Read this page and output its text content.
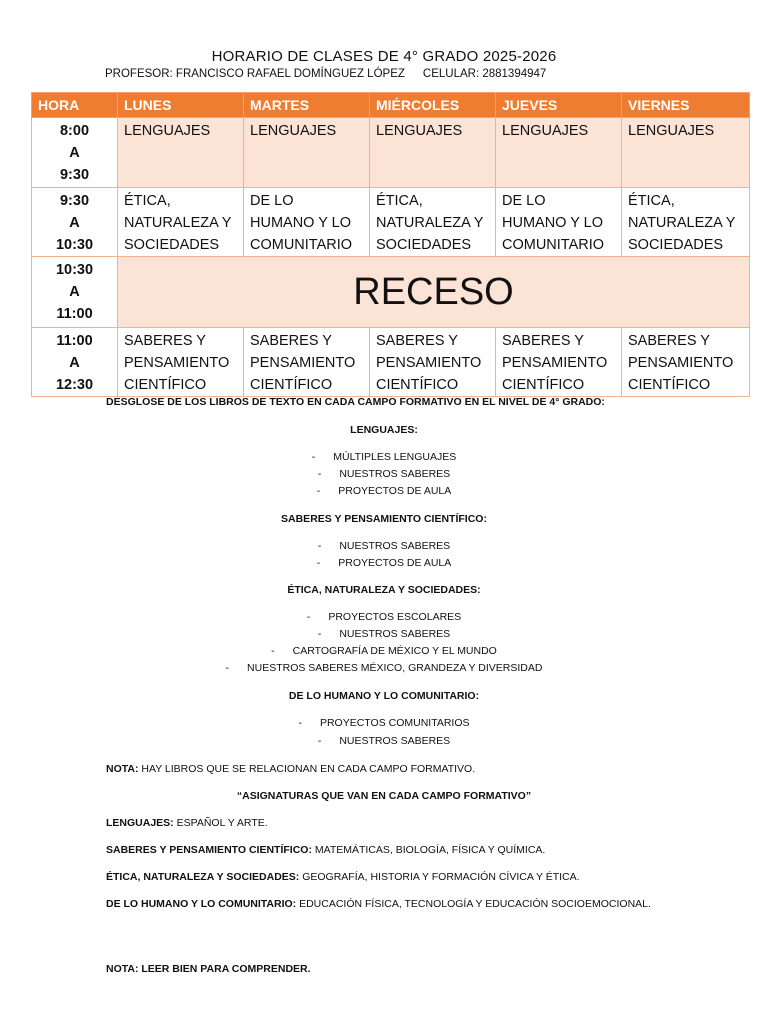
HORARIO DE CLASES DE 4° GRADO 2025-2026
PROFESOR: FRANCISCO RAFAEL DOMÍNGUEZ LÓPEZ CELULAR: 2881394947
HORA	LUNES	MARTES	MIÉRCOLES	JUEVES	VIERNES

8:00
A
9:30	LENGUAJES	LENGUAJES	LENGUAJES	LENGUAJES	LENGUAJES

9:30
A
10:30	ÉTICA,
NATURALEZA Y
SOCIEDADES	DE LO
HUMANO Y LO
COMUNITARIO	ÉTICA,
NATURALEZA Y
SOCIEDADES	DE LO
HUMANO Y LO
COMUNITARIO	ÉTICA,
NATURALEZA Y
SOCIEDADES

10:30
A
11:00	RECESO				

11:00
A
12:30	SABERES Y
PENSAMIENTO
CIENTÍFICO	SABERES Y
PENSAMIENTO
CIENTÍFICO	SABERES Y
PENSAMIENTO
CIENTÍFICO	SABERES Y
PENSAMIENTO
CIENTÍFICO	SABERES Y
PENSAMIENTO
CIENTÍFICO
DESGLOSE DE LOS LIBROS DE TEXTO EN CADA CAMPO FORMATIVO EN EL NIVEL DE 4° GRADO:
LENGUAJES:
- MÚLTIPLES LENGUAJES
- NUESTROS SABERES
- PROYECTOS DE AULA
SABERES Y PENSAMIENTO CIENTÍFICO:
- NUESTROS SABERES
- PROYECTOS DE AULA
ÉTICA, NATURALEZA Y SOCIEDADES:
- PROYECTOS ESCOLARES
- NUESTROS SABERES
- CARTOGRAFÍA DE MÉXICO Y EL MUNDO
- NUESTROS SABERES MÉXICO, GRANDEZA Y DIVERSIDAD
DE LO HUMANO Y LO COMUNITARIO:
- PROYECTOS COMUNITARIOS
- NUESTROS SABERES
NOTA: HAY LIBROS QUE SE RELACIONAN EN CADA CAMPO FORMATIVO.
“ASIGNATURAS QUE VAN EN CADA CAMPO FORMATIVO”
LENGUAJES: ESPAÑOL Y ARTE.
SABERES Y PENSAMIENTO CIENTÍFICO: MATEMÁTICAS, BIOLOGÍA, FÍSICA Y QUÍMICA.
ÉTICA, NATURALEZA Y SOCIEDADES: GEOGRAFÍA, HISTORIA Y FORMACIÓN CÍVICA Y ÉTICA.
DE LO HUMANO Y LO COMUNITARIO: EDUCACIÓN FÍSICA, TECNOLOGÍA Y EDUCACIÓN SOCIOEMOCIONAL.
NOTA: LEER BIEN PARA COMPRENDER.
